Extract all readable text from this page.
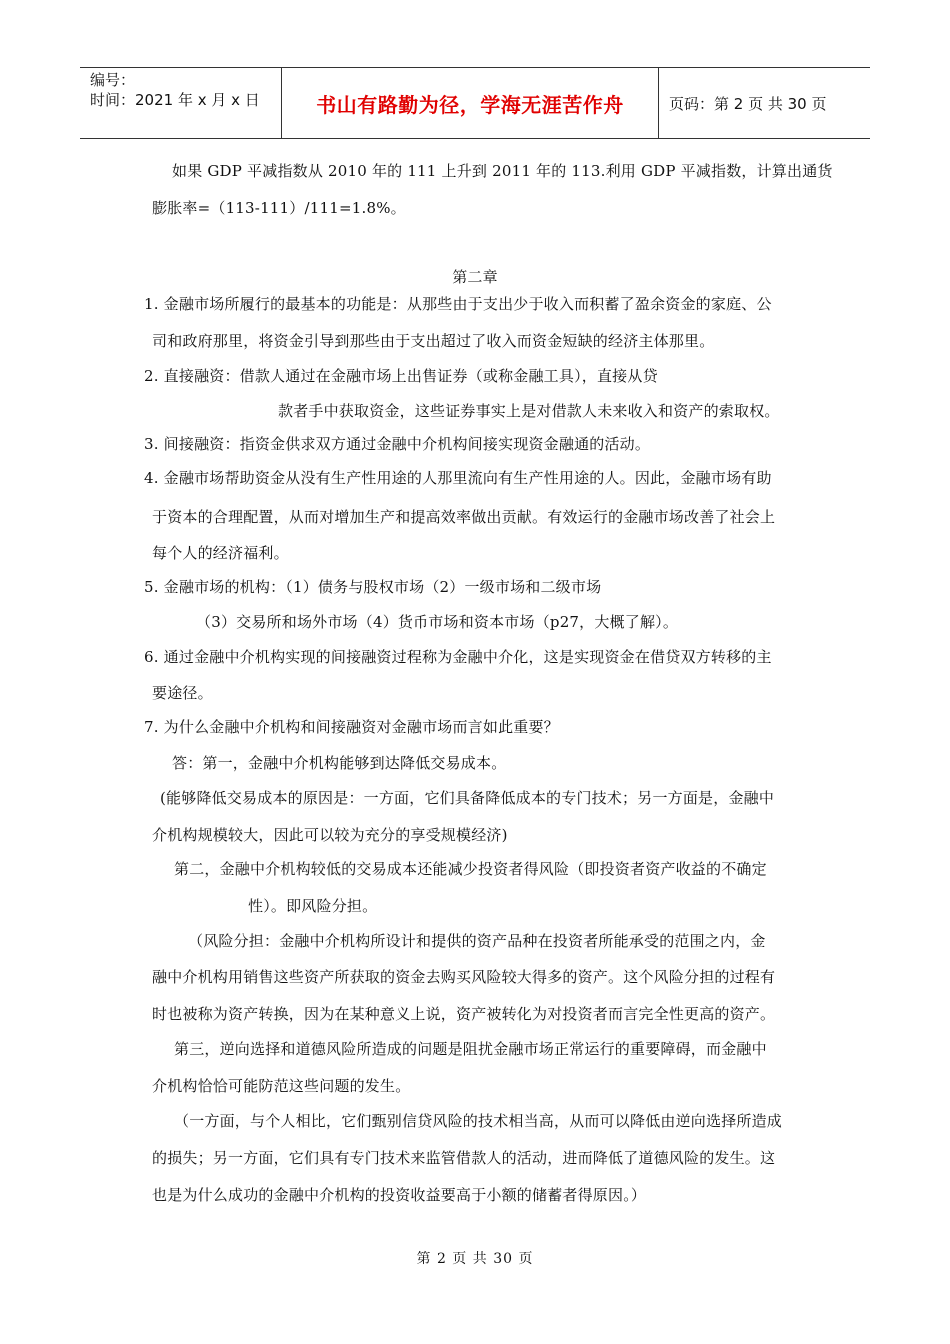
编号：
时间：2021 年 x 月 x 日	书山有路勤为径，学海无涯苦作舟	页码：第 2 页 共 30 页
如果 GDP 平减指数从 2010 年的 111 上升到 2011 年的 113.利用 GDP 平减指数，计算出通货
膨胀率=（113-111）/111=1.8%。
第二章
1. 金融市场所履行的最基本的功能是：从那些由于支出少于收入而积蓄了盈余资金的家庭、公
司和政府那里，将资金引导到那些由于支出超过了收入而资金短缺的经济主体那里。
2. 直接融资：借款人通过在金融市场上出售证券（或称金融工具），直接从贷
款者手中获取资金，这些证券事实上是对借款人未来收入和资产的索取权。
3. 间接融资：指资金供求双方通过金融中介机构间接实现资金融通的活动。
4. 金融市场帮助资金从没有生产性用途的人那里流向有生产性用途的人。因此，金融市场有助
于资本的合理配置，从而对增加生产和提高效率做出贡献。有效运行的金融市场改善了社会上
每个人的经济福利。
5. 金融市场的机构：（1）债务与股权市场（2）一级市场和二级市场
（3）交易所和场外市场（4）货币市场和资本市场（p27，大概了解）。
6. 通过金融中介机构实现的间接融资过程称为金融中介化，这是实现资金在借贷双方转移的主
要途径。
7. 为什么金融中介机构和间接融资对金融市场而言如此重要？
答：第一，金融中介机构能够到达降低交易成本。
(能够降低交易成本的原因是：一方面，它们具备降低成本的专门技术；另一方面是，金融中
介机构规模较大，因此可以较为充分的享受规模经济)
第二，金融中介机构较低的交易成本还能减少投资者得风险（即投资者资产收益的不确定
性）。即风险分担。
（风险分担：金融中介机构所设计和提供的资产品种在投资者所能承受的范围之内，金
融中介机构用销售这些资产所获取的资金去购买风险较大得多的资产。这个风险分担的过程有
时也被称为资产转换，因为在某种意义上说，资产被转化为对投资者而言完全性更高的资产。
第三，逆向选择和道德风险所造成的问题是阻扰金融市场正常运行的重要障碍，而金融中
介机构恰恰可能防范这些问题的发生。
（一方面，与个人相比，它们甄别信贷风险的技术相当高，从而可以降低由逆向选择所造成
的损失；另一方面，它们具有专门技术来监管借款人的活动，进而降低了道德风险的发生。这
也是为什么成功的金融中介机构的投资收益要高于小额的储蓄者得原因。）
第 2 页 共 30 页
